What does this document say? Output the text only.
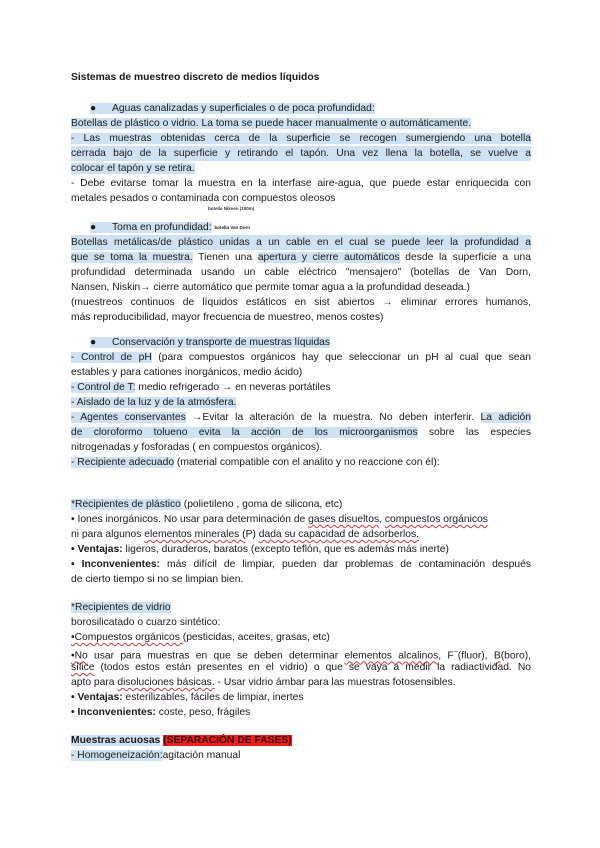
Sistemas de muestreo discreto de medios líquidos
● Aguas canalizadas y superficiales o de poca profundidad:
Botellas de plástico o vidrio. La toma se puede hacer manualmente o automáticamente.
- Las muestras obtenidas cerca de la superficie se recogen sumergiendo una botella
cerrada bajo de la superficie y retirando el tapón. Una vez llena la botella, se vuelve a
colocar el tapón y se retira.
- Debe evitarse tomar la muestra en la interfase aire-agua, que puede estar enriquecida con
metales pesados o contaminada con compuestos oleosos
botella Niksen (100m)
● Toma en profundidad: botella Van Dorn
Botellas metálicas/de plástico unidas a un cable en el cual se puede leer la profundidad a
que se toma la muestra. Tienen una apertura y cierre automáticos desde la superficie a una
profundidad determinada usando un cable eléctrico "mensajero" (botellas de Van Dorn,
Nansen, Niskin→ cierre automático que permite tomar agua a la profundidad deseada.)
(muestreos continuos de líquidos estáticos en sist abiertos → eliminar errores humanos,
más reproducibilidad, mayor frecuencia de muestreo, menos costes)
● Conservación y transporte de muestras líquidas
- Control de pH (para compuestos orgánicos hay que seleccionar un pH al cual que sean
estables y para cationes inorgánicos, medio ácido)
- Control de T: medio refrigerado → en neveras portátiles
- Aislado de la luz y de la atmósfera.
- Agentes conservantes →Evitar la alteración de la muestra. No deben interferir. La adición
de cloroformo tolueno evita la acción de los microorganismos sobre las especies
nitrogenadas y fosforadas ( en compuestos orgánicos).
- Recipiente adecuado (material compatible con el analito y no reaccione con él):
*Recipientes de plástico (polietileno , goma de silicona, etc)
• Iones inorgánicos. No usar para determinación de gases disueltos, compuestos orgánicos
ni para algunos elementos minerales (P) dada su capacidad de adsorberlos.
• Ventajas: ligeros, duraderos, baratos (excepto teflón, que es además más inerte)
• Inconvenientes: más difícil de limpiar, pueden dar problemas de contaminación después
de cierto tiempo si no se limpian bien.
*Recipientes de vidrio
borosilicatado o cuarzo sintético:
•Compuestos orgánicos (pesticidas, aceites, grasas, etc)
•No usar para muestras en que se deben determinar elementos alcalinos, F−(fluor), B(boro),
sílice (todos estos están presentes en el vidrio) o que se vaya a medir la radiactividad. No
apto para disoluciones básicas. - Usar vidrio ámbar para las muestras fotosensibles.
• Ventajas: esterilizables, fáciles de limpiar, inertes
• Inconvenientes: coste, peso, frágiles
Muestras acuosas (SEPARACIÓN DE FASES)
- Homogeneización:agitación manual
